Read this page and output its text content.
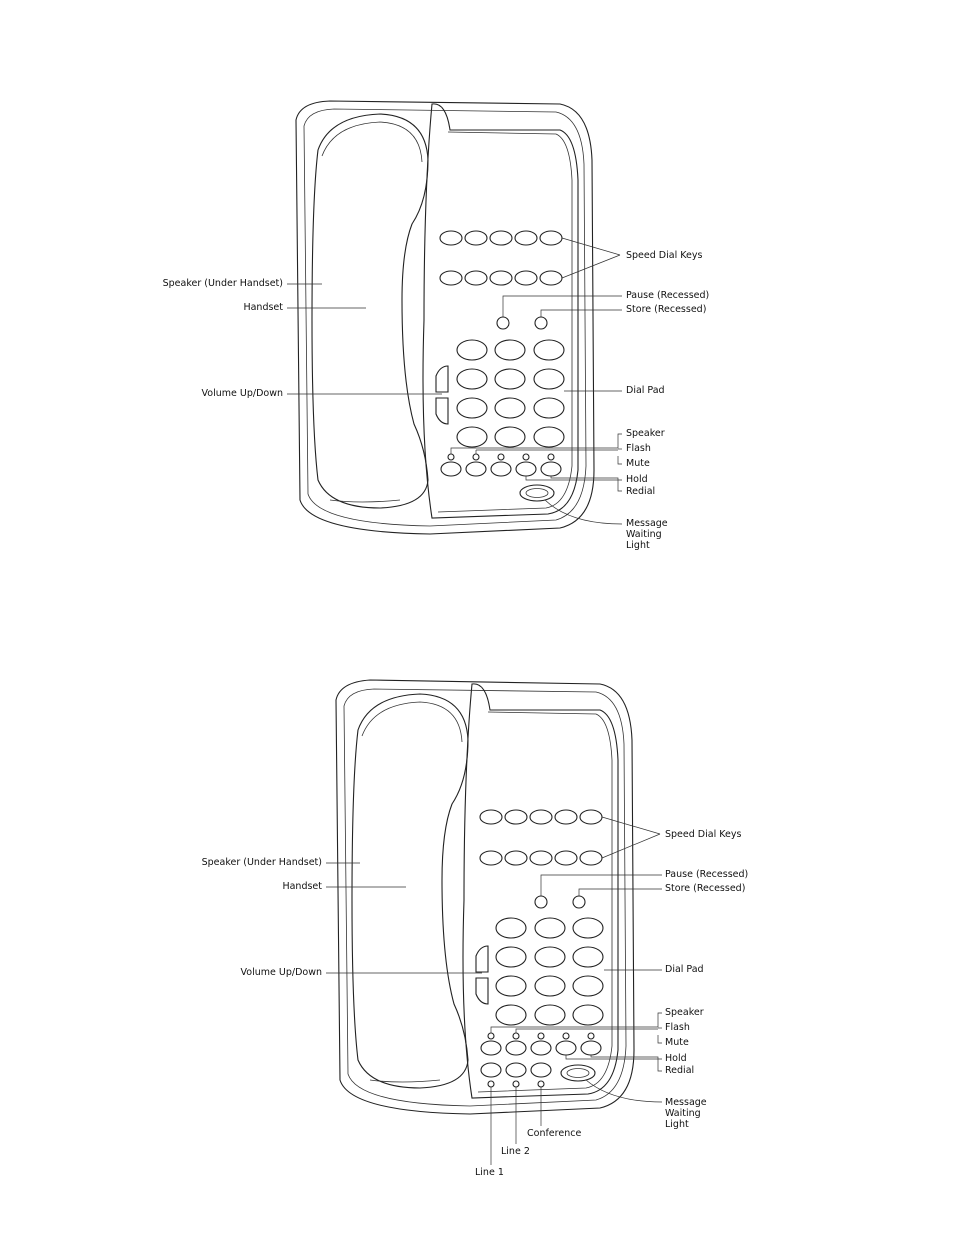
Speed Dial Keys
Speaker (Under Handset)
Handset
Pause (Recessed)
Store (Recessed)
Volume Up/Down	Dial Pad
Speaker
Flash
Mute
Hold
Redial
Message
Waiting
Light
Speed Dial Keys
Speaker (Under Handset)
Handset
Pause (Recessed)
Store (Recessed)
Volume Up/Down	Dial Pad
Speaker
Flash
Mute
Hold
Redial
Message
Waiting
Light
Conference
Line 2
Line 1
